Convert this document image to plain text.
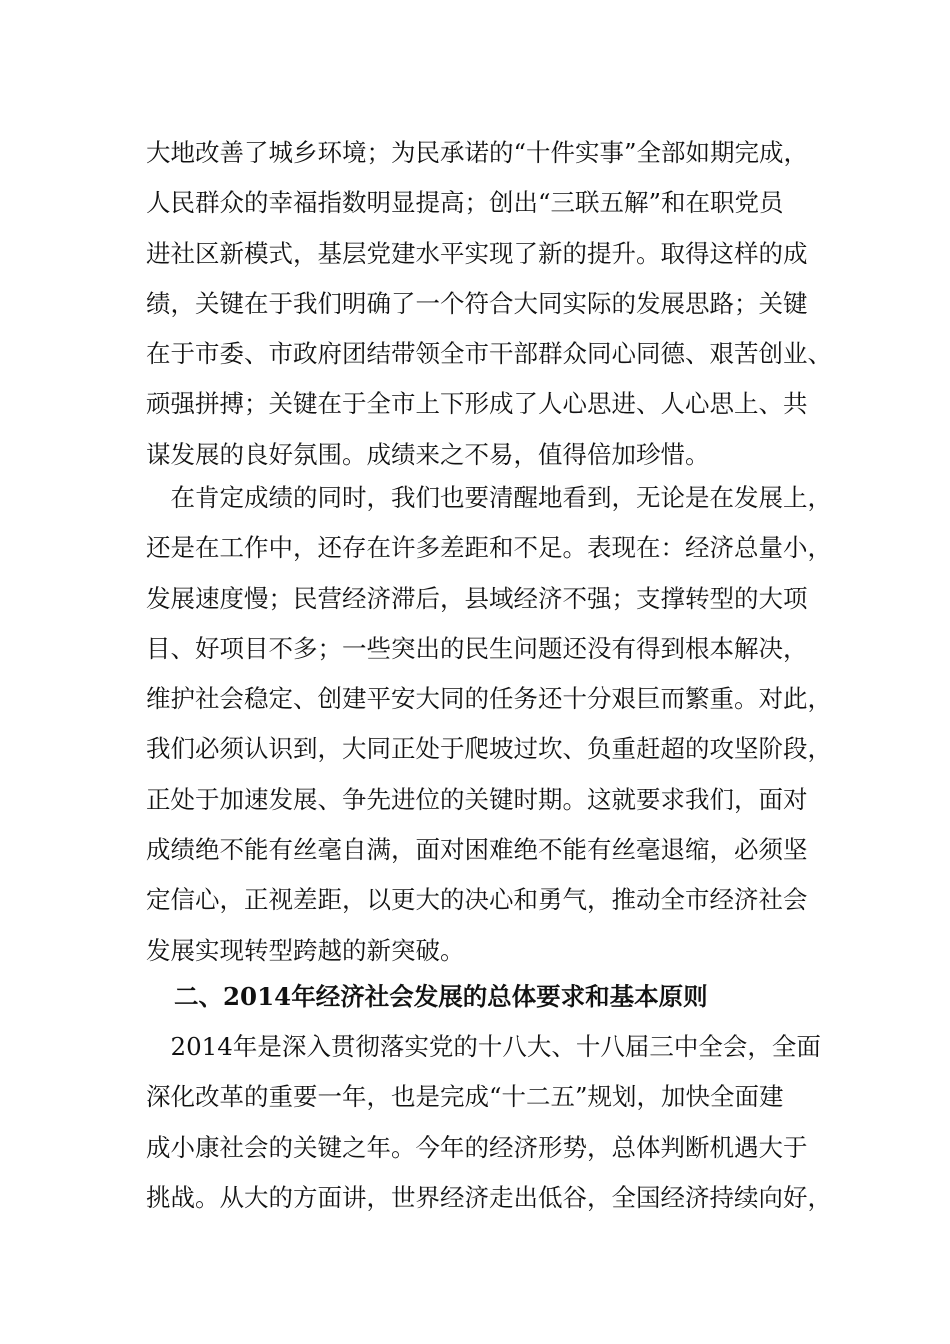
大地改善了城乡环境；为民承诺的“十件实事”全部如期完成，
人民群众的幸福指数明显提高；创出“三联五解”和在职党员
进社区新模式，基层党建水平实现了新的提升。取得这样的成
绩，关键在于我们明确了一个符合大同实际的发展思路；关键
在于市委、市政府团结带领全市干部群众同心同德、艰苦创业、
顽强拼搏；关键在于全市上下形成了人心思进、人心思上、共
谋发展的良好氛围。成绩来之不易，值得倍加珍惜。
　在肯定成绩的同时，我们也要清醒地看到，无论是在发展上，
还是在工作中，还存在许多差距和不足。表现在：经济总量小，
发展速度慢；民营经济滞后，县域经济不强；支撑转型的大项
目、好项目不多；一些突出的民生问题还没有得到根本解决，
维护社会稳定、创建平安大同的任务还十分艰巨而繁重。对此，
我们必须认识到，大同正处于爬坡过坎、负重赶超的攻坚阶段，
正处于加速发展、争先进位的关键时期。这就要求我们，面对
成绩绝不能有丝毫自满，面对困难绝不能有丝毫退缩，必须坚
定信心，正视差距，以更大的决心和勇气，推动全市经济社会
发展实现转型跨越的新突破。
二、2014年经济社会发展的总体要求和基本原则
　2014年是深入贯彻落实党的十八大、十八届三中全会，全面
深化改革的重要一年，也是完成“十二五”规划，加快全面建
成小康社会的关键之年。今年的经济形势，总体判断机遇大于
挑战。从大的方面讲，世界经济走出低谷，全国经济持续向好，
